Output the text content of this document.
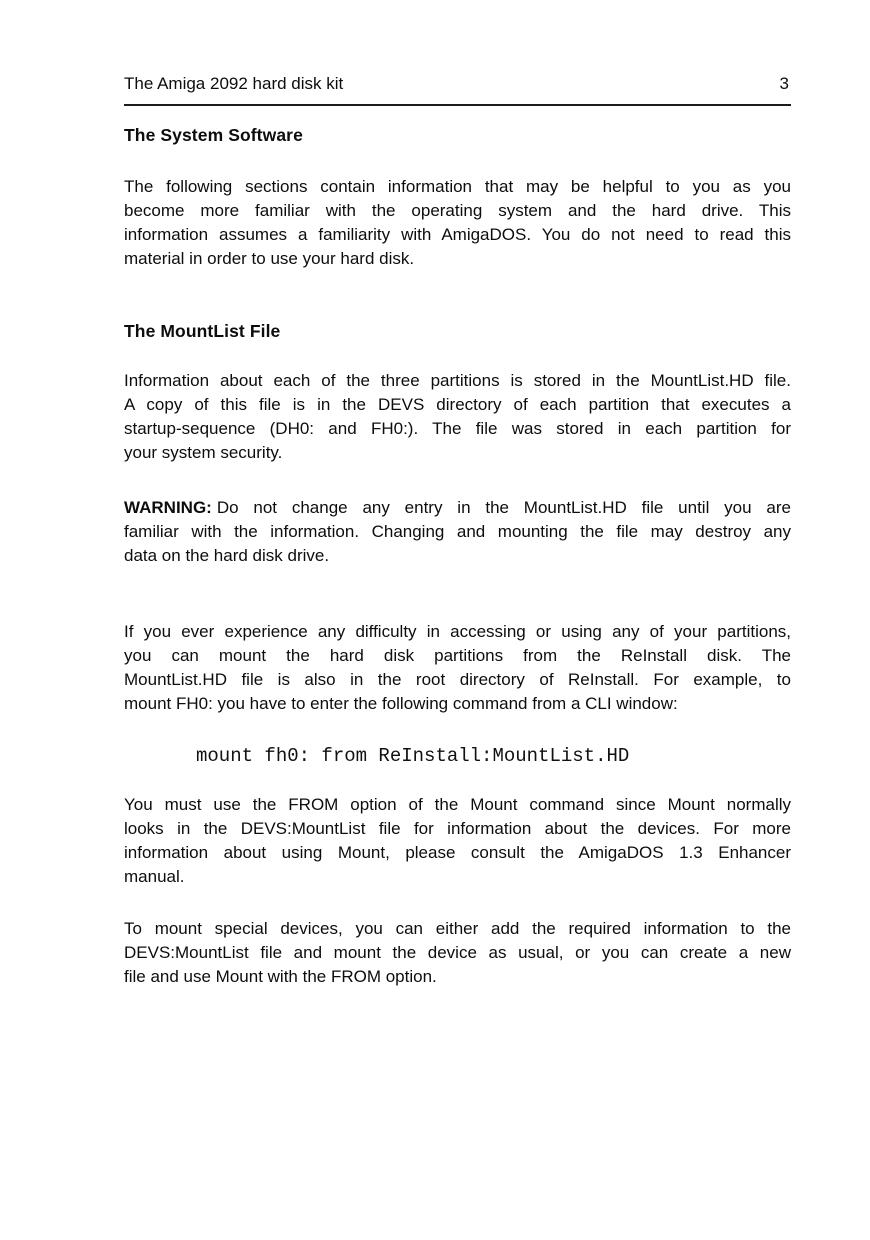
The Amiga 2092 hard disk kit	3
The System Software
The following sections contain information that may be helpful to you as you
become more familiar with the operating system and the hard drive. This
information assumes a familiarity with AmigaDOS. You do not need to read this
material in order to use your hard disk.
The MountList File
Information about each of the three partitions is stored in the MountList.HD file.
A copy of this file is in the DEVS directory of each partition that executes a
startup-sequence (DH0: and FH0:). The file was stored in each partition for
your system security.
WARNING: Do not change any entry in the MountList.HD file until you are
familiar with the information. Changing and mounting the file may destroy any
data on the hard disk drive.
If you ever experience any difficulty in accessing or using any of your partitions,
you can mount the hard disk partitions from the ReInstall disk. The
MountList.HD file is also in the root directory of ReInstall. For example, to
mount FH0: you have to enter the following command from a CLI window:
mount fh0: from ReInstall:MountList.HD
You must use the FROM option of the Mount command since Mount normally
looks in the DEVS:MountList file for information about the devices. For more
information about using Mount, please consult the AmigaDOS 1.3 Enhancer
manual.
To mount special devices, you can either add the required information to the
DEVS:MountList file and mount the device as usual, or you can create a new
file and use Mount with the FROM option.
